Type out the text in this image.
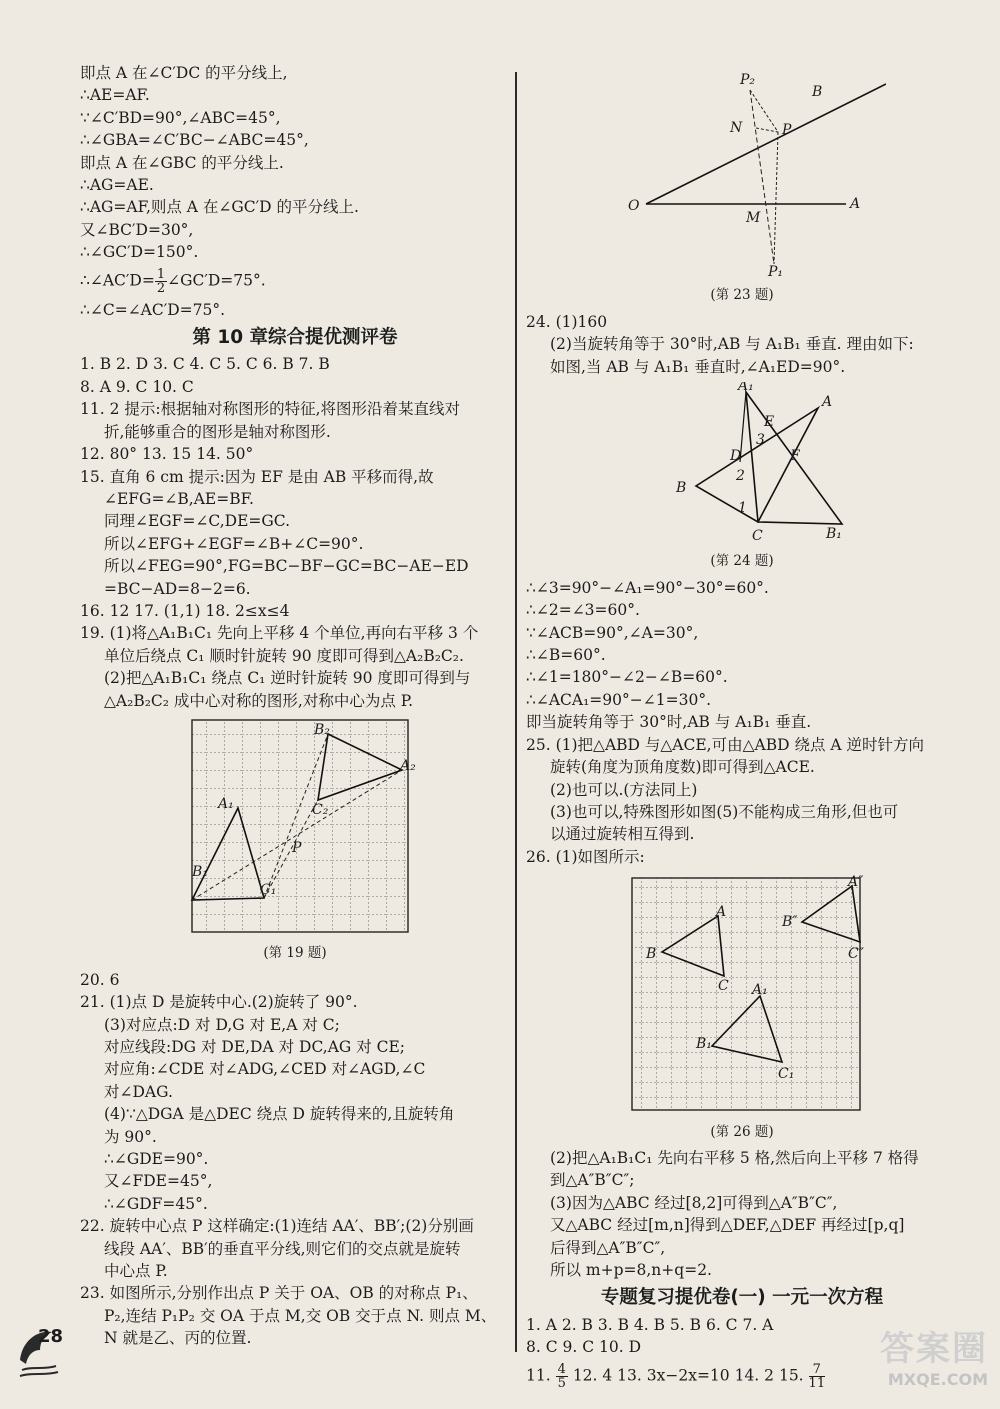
即点 A 在∠C′DC 的平分线上,
∴AE=AF.
∵∠C′BD=90°,∠ABC=45°,
∴∠GBA=∠C′BC−∠ABC=45°,
即点 A 在∠GBC 的平分线上.
∴AG=AE.
∴AG=AF,则点 A 在∠GC′D 的平分线上.
又∠BC′D=30°,
∴∠GC′D=150°.
∴∠AC′D= $\frac{1}{2}$ ∠GC′D=75°.
∴∠C=∠AC′D=75°.
第 10 章综合提优测评卷
1. B 2. D 3. C 4. C 5. C 6. B 7. B
8. A 9. C 10. C
11. 2 提示:根据轴对称图形的特征,将图形沿着某直线对
折,能够重合的图形是轴对称图形.
12. 80° 13. 15 14. 50°
15. 直角 6 cm 提示:因为 EF 是由 AB 平移而得,故
∠EFG=∠B,AE=BF.
同理∠EGF=∠C,DE=GC.
所以∠EFG+∠EGF=∠B+∠C=90°.
所以∠FEG=90°,FG=BC−BF−GC=BC−AE−ED
=BC−AD=8−2=6.
16. 12 17. (1,1) 18. 2≤x≤4
19. (1)将△A₁B₁C₁ 先向上平移 4 个单位,再向右平移 3 个
单位后绕点 C₁ 顺时针旋转 90 度即可得到△A₂B₂C₂.
(2)把△A₁B₁C₁ 绕点 C₁ 逆时针旋转 90 度即可得到与
△A₂B₂C₂ 成中心对称的图形,对称中心为点 P.
B₂
A₂
C₂
A₁
P
B₁
C₁
(第 19 题)
20. 6
21. (1)点 D 是旋转中心.(2)旋转了 90°.
(3)对应点:D 对 D,G 对 E,A 对 C;
对应线段:DG 对 DE,DA 对 DC,AG 对 CE;
对应角:∠CDE 对∠ADG,∠CED 对∠AGD,∠C
对∠DAG.
(4)∵△DGA 是△DEC 绕点 D 旋转得来的,且旋转角
为 90°.
∴∠GDE=90°.
又∠FDE=45°,
∴∠GDF=45°.
22. 旋转中心点 P 这样确定:(1)连结 AA′、BB′;(2)分别画
线段 AA′、BB′的垂直平分线,则它们的交点就是旋转
中心点 P.
23. 如图所示,分别作出点 P 关于 OA、OB 的对称点 P₁、
P₂,连结 P₁P₂ 交 OA 于点 M,交 OB 交于点 N. 则点 M、
N 就是乙、丙的位置.
P₂
B
N	P
O
M
A
P₁
(第 23 题)
24. (1)160
(2)当旋转角等于 30°时,AB 与 A₁B₁ 垂直. 理由如下:
如图,当 AB 与 A₁B₁ 垂直时,∠A₁ED=90°.
A₁
A
E
3
D
2
F
B
1
C	B₁
(第 24 题)
∴∠3=90°−∠A₁=90°−30°=60°.
∴∠2=∠3=60°.
∵∠ACB=90°,∠A=30°,
∴∠B=60°.
∴∠1=180°−∠2−∠B=60°.
∴∠ACA₁=90°−∠1=30°.
即当旋转角等于 30°时,AB 与 A₁B₁ 垂直.
25. (1)把△ABD 与△ACE,可由△ABD 绕点 A 逆时针方向
旋转(角度为顶角度数)即可得到△ACE.
(2)也可以.(方法同上)
(3)也可以,特殊图形如图(5)不能构成三角形,但也可
以通过旋转相互得到.
26. (1)如图所示:
A″
B″
C″
A
B
C A₁
B₁
C₁
(第 26 题)
(2)把△A₁B₁C₁ 先向右平移 5 格,然后向上平移 7 格得
到△A″B″C″;
(3)因为△ABC 经过[8,2]可得到△A″B″C″,
又△ABC 经过[m,n]得到△DEF,△DEF 再经过[p,q]
后得到△A″B″C″,
所以 m+p=8,n+q=2.
专题复习提优卷(一) 一元一次方程
1. A 2. B 3. B 4. B 5. B 6. C 7. A
8. C 9. C 10. D
11. $\frac{4}{5} 12$. 4 13. 3x−2x=10 14. 2 15. $\frac{7}{11}$
28	答案圈
MXQE.COM
